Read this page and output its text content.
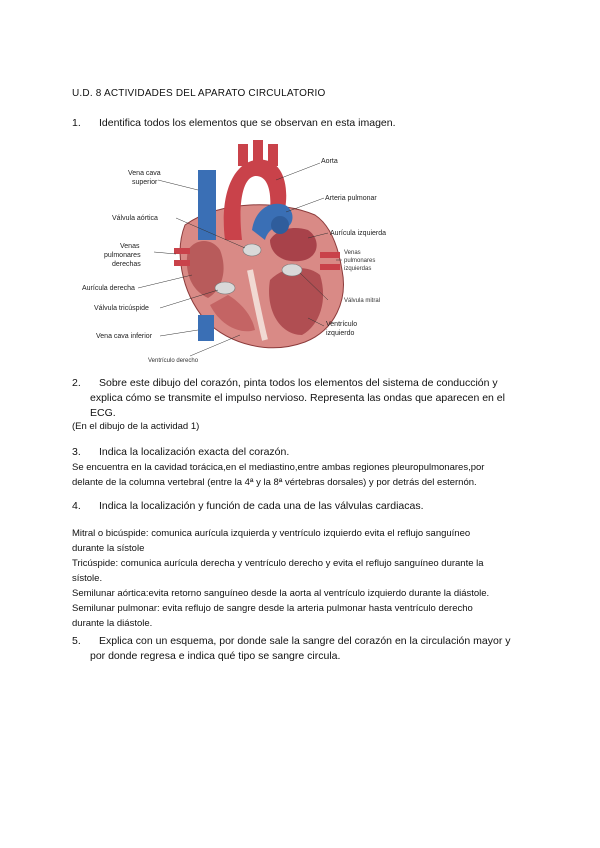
U.D. 8 ACTIVIDADES DEL APARATO CIRCULATORIO
1.	Identifica todos los elementos que se observan en esta imagen.
Vena cava
superior
Aorta
Arteria pulmonar
Válvula aórtica
Aurícula izquierda
Venas
pulmonares
derechas
Venas
pulmonares
izquierdas
Aurícula derecha
Válvula tricúspide
Válvula mitral
Vena cava inferior
Ventrículo
izquierdo
Ventrículo derecho
2.	Sobre este dibujo del corazón, pinta todos los elementos del sistema de conducción y
explica cómo se transmite el impulso nervioso. Representa las ondas que aparecen en el
ECG.
(En el dibujo de la actividad 1)
3.	Indica la localización exacta del corazón.
Se encuentra en la cavidad torácica,en el mediastino,entre ambas regiones pleuropulmonares,por
delante de la columna vertebral (entre la 4ª y la 8ª vértebras dorsales) y por detrás del esternón.
4.	Indica la localización y función de cada una de las válvulas cardiacas.
Mitral o bicúspide: comunica aurícula izquierda y ventrículo izquierdo evita el reflujo sanguíneo
durante la sístole
Tricúspide: comunica aurícula derecha y ventrículo derecho y evita el reflujo sanguíneo durante la
sístole.
Semilunar aórtica:evita retorno sanguíneo desde la aorta al ventrículo izquierdo durante la diástole.
Semilunar pulmonar: evita reflujo de sangre desde la arteria pulmonar hasta ventrículo derecho
durante la diástole.
5.	Explica con un esquema, por donde sale la sangre del corazón en la circulación mayor y
por donde regresa e indica qué tipo se sangre circula.
